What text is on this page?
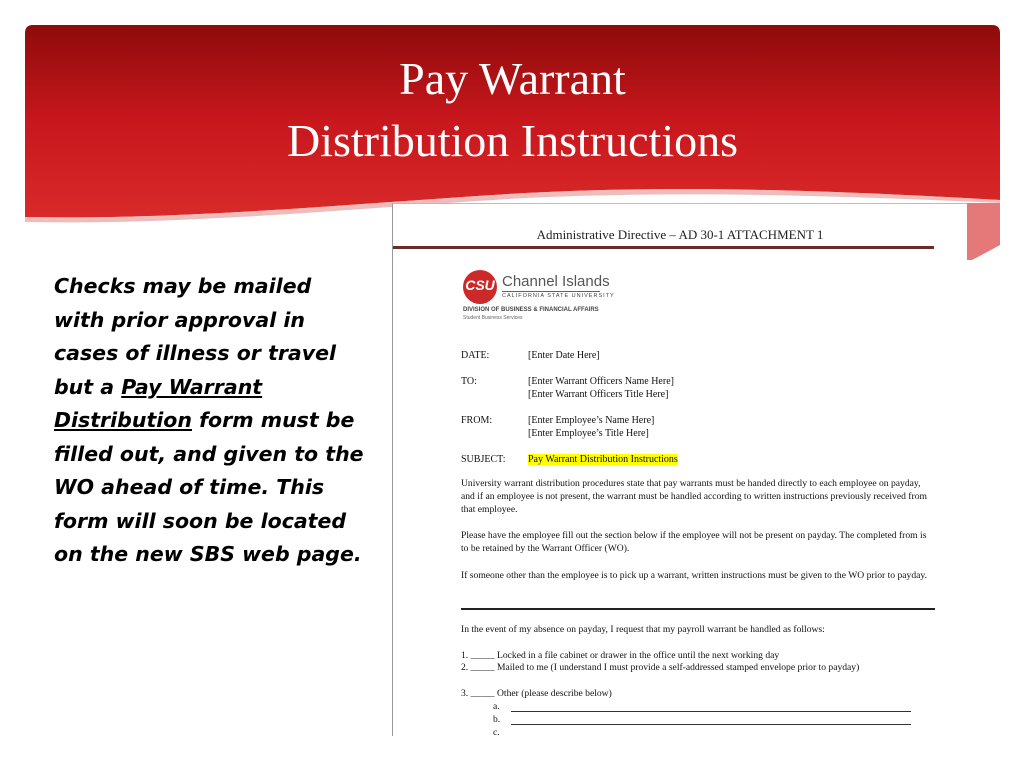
Pay Warrant
Distribution Instructions
Checks may be mailed with prior approval in cases of illness or travel but a Pay Warrant Distribution form must be filled out, and given to the WO ahead of time. This form will soon be located on the new SBS web page.
Administrative Directive – AD 30-1 ATTACHMENT 1
CSU Channel Islands
CALIFORNIA STATE UNIVERSITY
DIVISION OF BUSINESS & FINANCIAL AFFAIRS
Student Business Services
DATE:	[Enter Date Here]
TO:	[Enter Warrant Officers Name Here]
[Enter Warrant Officers Title Here]
FROM:	[Enter Employee’s Name Here]
[Enter Employee’s Title Here]
SUBJECT: Pay Warrant Distribution Instructions
University warrant distribution procedures state that pay warrants must be handed directly to each employee on payday, and if an employee is not present, the warrant must be handled according to written instructions previously received from that employee.
Please have the employee fill out the section below if the employee will not be present on payday. The completed from is to be retained by the Warrant Officer (WO).
If someone other than the employee is to pick up a warrant, written instructions must be given to the WO prior to payday.
In the event of my absence on payday, I request that my payroll warrant be handled as follows:
1. _____ Locked in a file cabinet or drawer in the office until the next working day
2. _____ Mailed to me (I understand I must provide a self-addressed stamped envelope prior to payday)
3. _____ Other (please describe below)
a.
b.
c.
